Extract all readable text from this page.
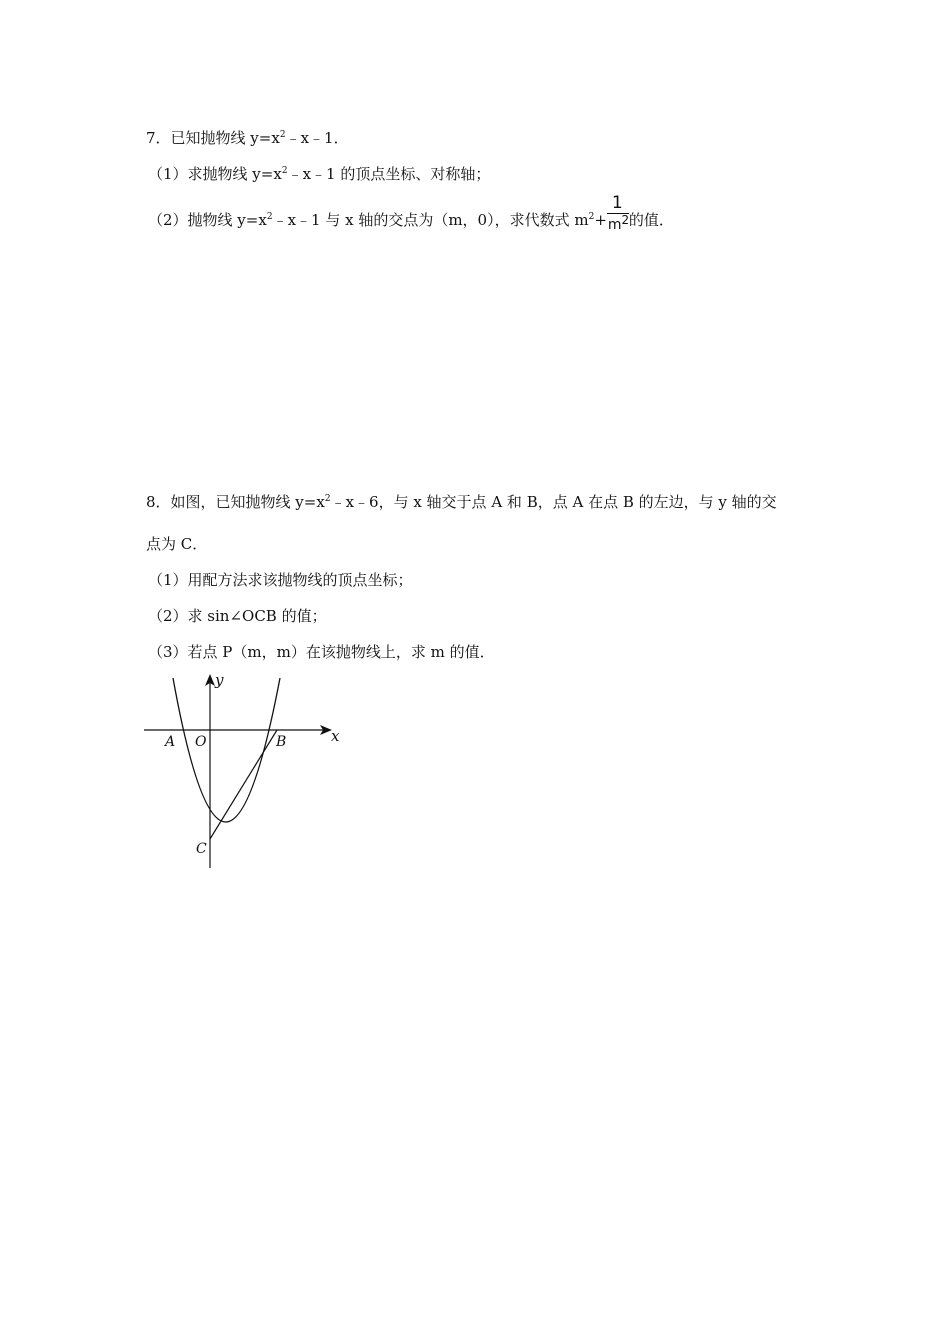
7．已知抛物线 $y=x^2﹣x﹣1$．
（1）求抛物线 $y=x^2﹣x﹣1$ 的顶点坐标、对称轴；
（2）抛物线 $y=x^2﹣x﹣1$ 与 x 轴的交点为（m，0），求代数式 $m^2+ \frac{1}{m^2}$ 的值．
8．如图，已知抛物线 $y=x^2﹣x﹣6$，与 x 轴交于点 A 和 B，点 A 在点 B 的左边，与 y 轴的交
点为 C．
（1）用配方法求该抛物线的顶点坐标；
（2）求 sin∠OCB 的值；
（3）若点 P（m，m）在该抛物线上，求 m 的值．
y
x
A O	B
C
